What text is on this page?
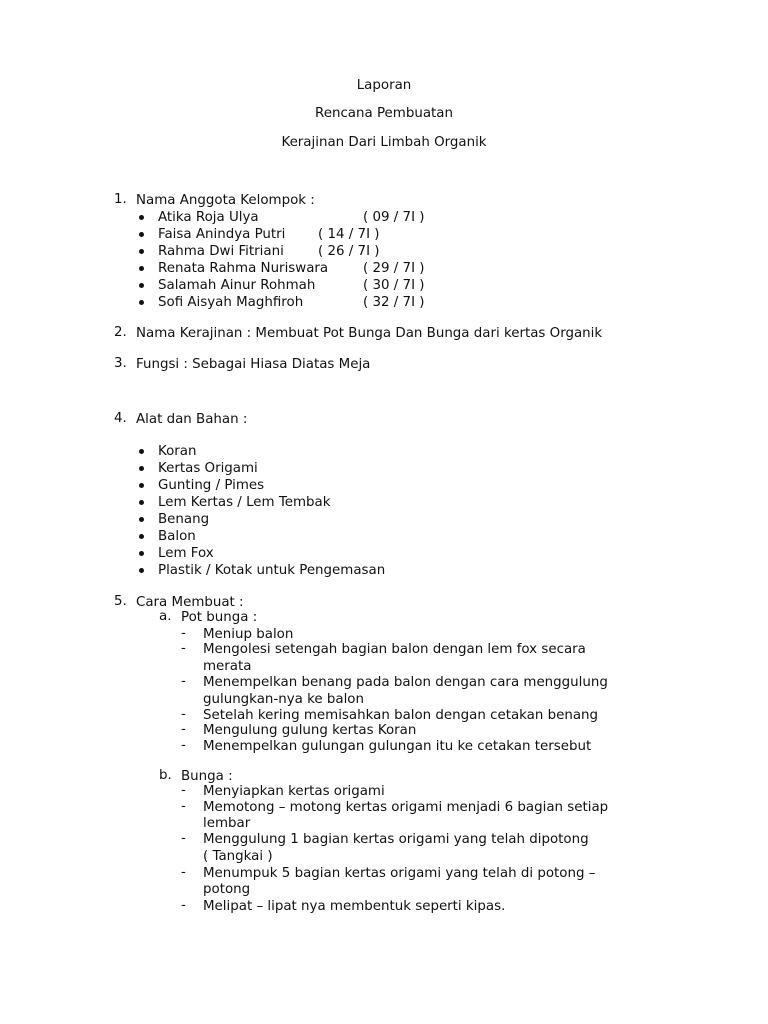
Laporan
Rencana Pembuatan
Kerajinan Dari Limbah Organik
1. Nama Anggota Kelompok :
Atika Roja Ulya	( 09 / 7I )
Faisa Anindya Putri ( 14 / 7I )
Rahma Dwi Fitriani	( 26 / 7I )
Renata Rahma Nuriswara	( 29 / 7I )
Salamah Ainur Rohmah	( 30 / 7I )
Sofi Aisyah Maghfiroh	( 32 / 7I )
2. Nama Kerajinan : Membuat Pot Bunga Dan Bunga dari kertas Organik
3. Fungsi : Sebagai Hiasa Diatas Meja
4. Alat dan Bahan :
Koran
Kertas Origami
Gunting / Pimes
Lem Kertas / Lem Tembak
Benang
Balon
Lem Fox
Plastik / Kotak untuk Pengemasan
5. Cara Membuat :
a. Pot bunga :
- Meniup balon
- Mengolesi setengah bagian balon dengan lem fox secara
merata
- Menempelkan benang pada balon dengan cara menggulung
gulungkan-nya ke balon
- Setelah kering memisahkan balon dengan cetakan benang
- Mengulung gulung kertas Koran
- Menempelkan gulungan gulungan itu ke cetakan tersebut
b. Bunga :
- Menyiapkan kertas origami
- Memotong – motong kertas origami menjadi 6 bagian setiap
lembar
- Menggulung 1 bagian kertas origami yang telah dipotong
( Tangkai )
- Menumpuk 5 bagian kertas origami yang telah di potong –
potong
- Melipat – lipat nya membentuk seperti kipas.
